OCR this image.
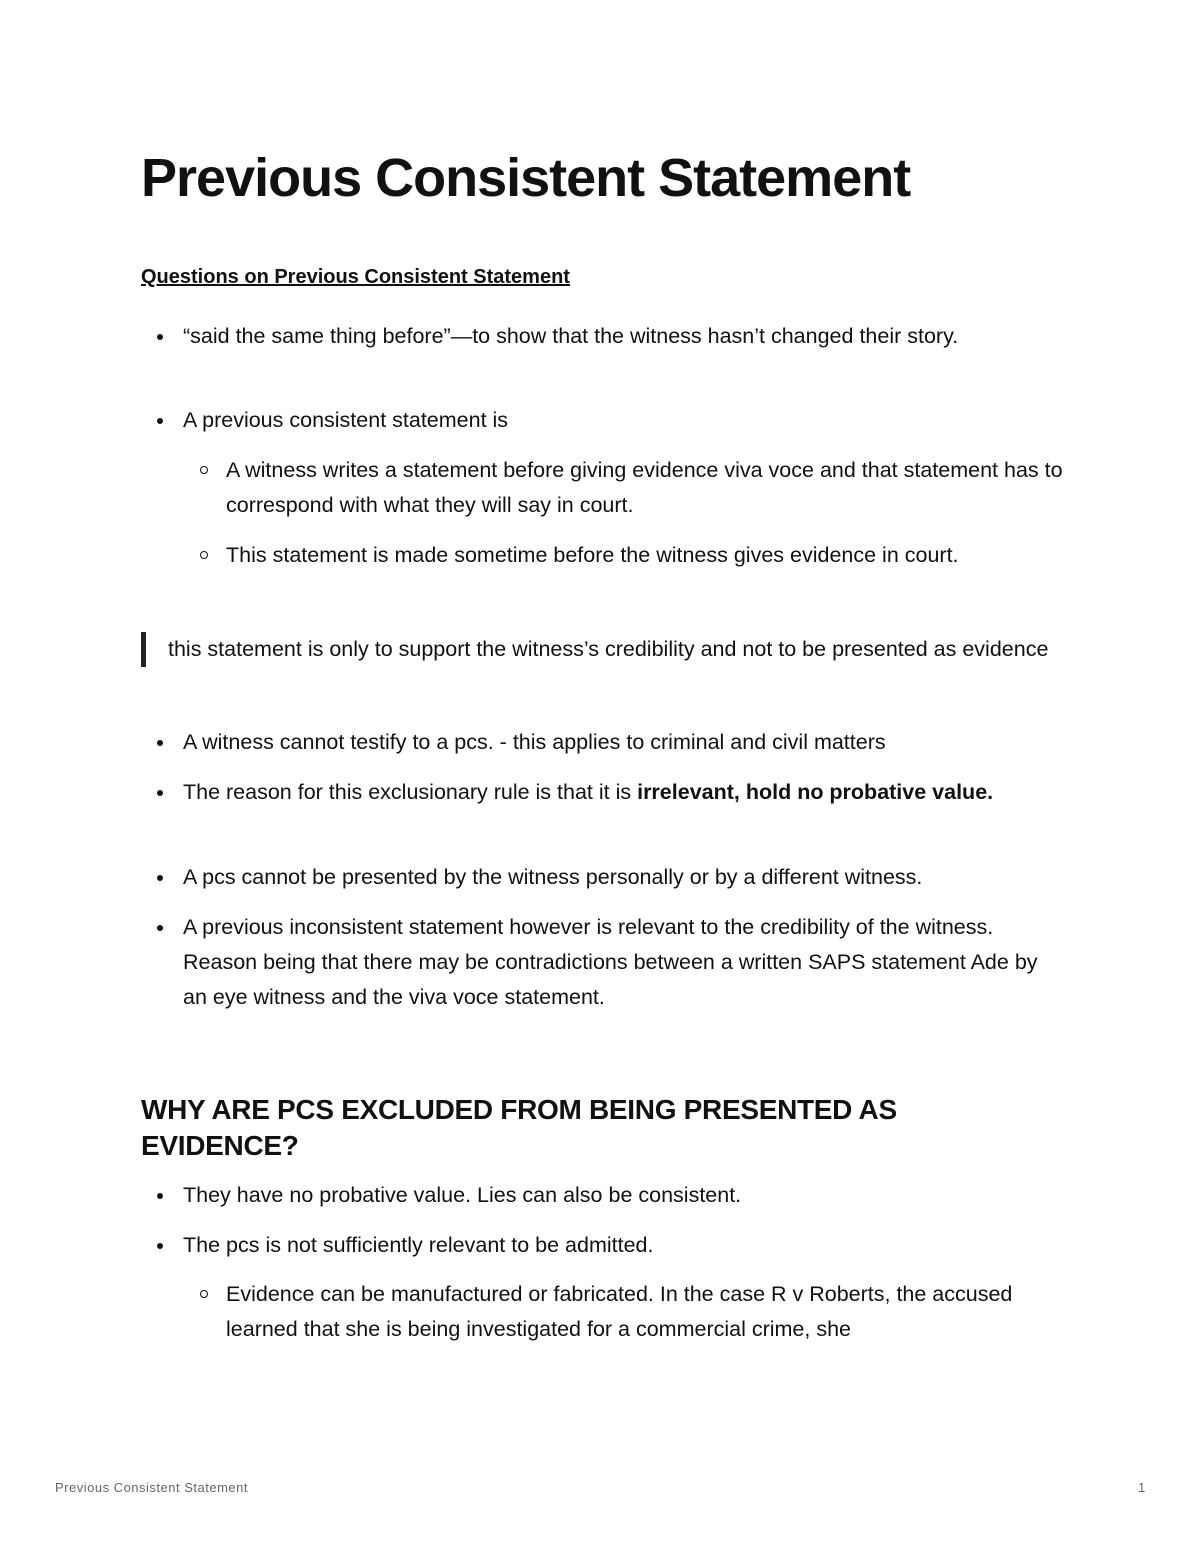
Previous Consistent Statement

Questions on Previous Consistent Statement

“said the same thing before”—to show that the witness hasn’t changed their story.
A previous consistent statement is
A witness writes a statement before giving evidence viva voce and that statement has to correspond with what they will say in court.
This statement is made sometime before the witness gives evidence in court.
this statement is only to support the witness’s credibility and not to be presented as evidence
A witness cannot testify to a pcs. - this applies to criminal and civil matters
The reason for this exclusionary rule is that it is irrelevant, hold no probative value.
A pcs cannot be presented by the witness personally or by a different witness.
A previous inconsistent statement however is relevant to the credibility of the witness. Reason being that there may be contradictions between a written SAPS statement Ade by an eye witness and the viva voce statement.
WHY ARE PCS EXCLUDED FROM BEING PRESENTED AS EVIDENCE?
They have no probative value. Lies can also be consistent.
The pcs is not sufficiently relevant to be admitted.
Evidence can be manufactured or fabricated. In the case R v Roberts, the accused learned that she is being investigated for a commercial crime, she
Previous Consistent Statement	1
